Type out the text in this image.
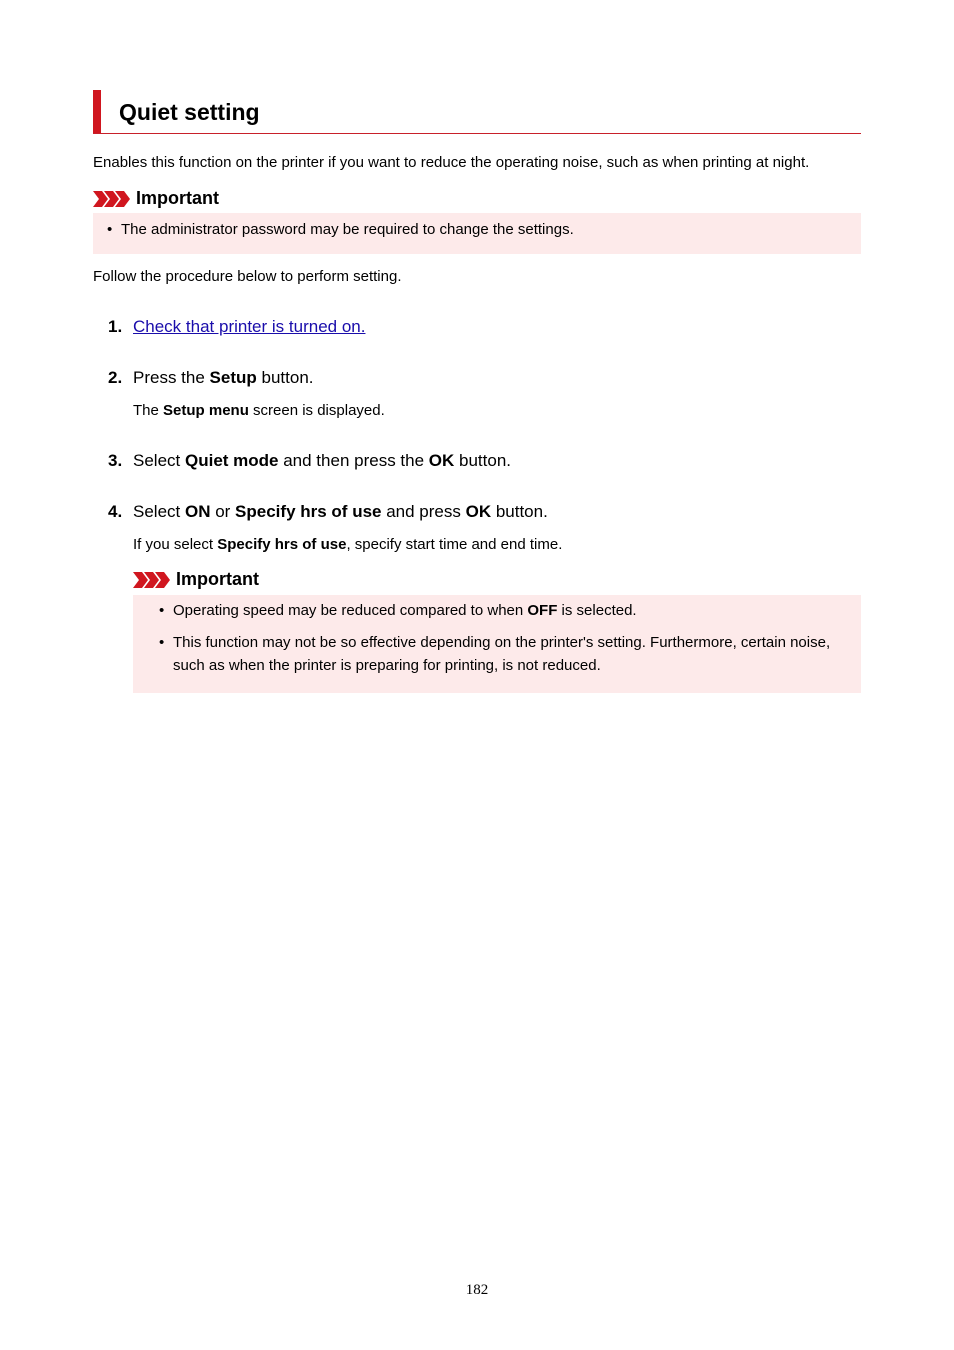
Quiet setting
Enables this function on the printer if you want to reduce the operating noise, such as when printing at night.
Important
• The administrator password may be required to change the settings.
Follow the procedure below to perform setting.
1. Check that printer is turned on.
2. Press the Setup button.
The Setup menu screen is displayed.
3. Select Quiet mode and then press the OK button.
4. Select ON or Specify hrs of use and press OK button.
If you select Specify hrs of use, specify start time and end time.
Important
• Operating speed may be reduced compared to when OFF is selected.
• This function may not be so effective depending on the printer's setting. Furthermore, certain noise, such as when the printer is preparing for printing, is not reduced.
182
